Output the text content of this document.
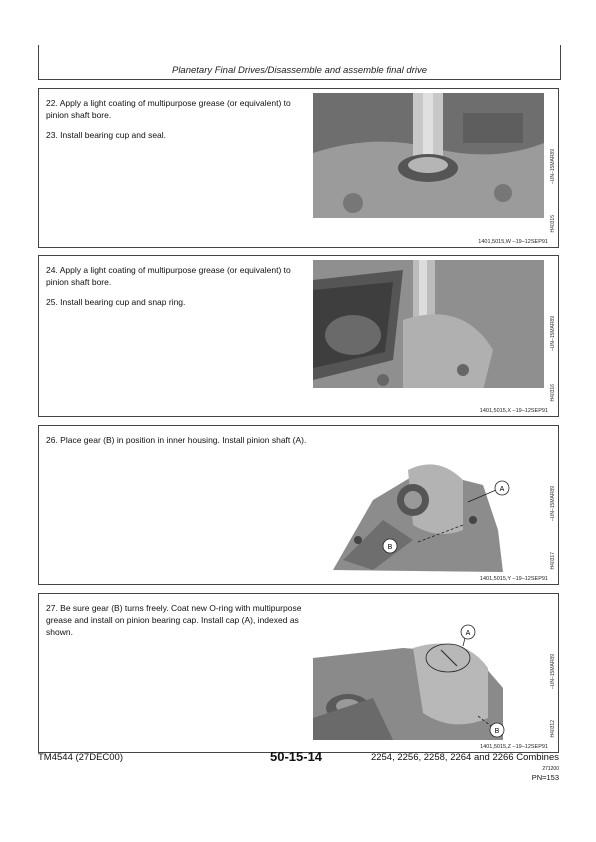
Planetary Final Drives/Disassemble and assemble final drive

22. Apply a light coating of multipurpose grease (or equivalent) to pinion shaft bore.

23. Install bearing cup and seal.

–UN–15MAR89
H40315
1401,5015,W –19–12SEP91

24. Apply a light coating of multipurpose grease (or equivalent) to pinion shaft bore.

25. Install bearing cup and snap ring.

–UN–15MAR89
H40316
1401,5015,X –19–12SEP91

26. Place gear (B) in position in inner housing. Install pinion shaft (A).

A
B
–UN–15MAR89
H40317
1401,5015,Y –19–12SEP91

27. Be sure gear (B) turns freely. Coat new O-ring with multipurpose grease and install on pinion bearing cap. Install cap (A), indexed as shown.	A
B
–UN–15MAR89
H40312
1401,5015,Z –19–12SEP91
TM4544 (27DEC00)	50-15-14	2254, 2256, 2258, 2264 and 2266 Combines
271200
PN=153
